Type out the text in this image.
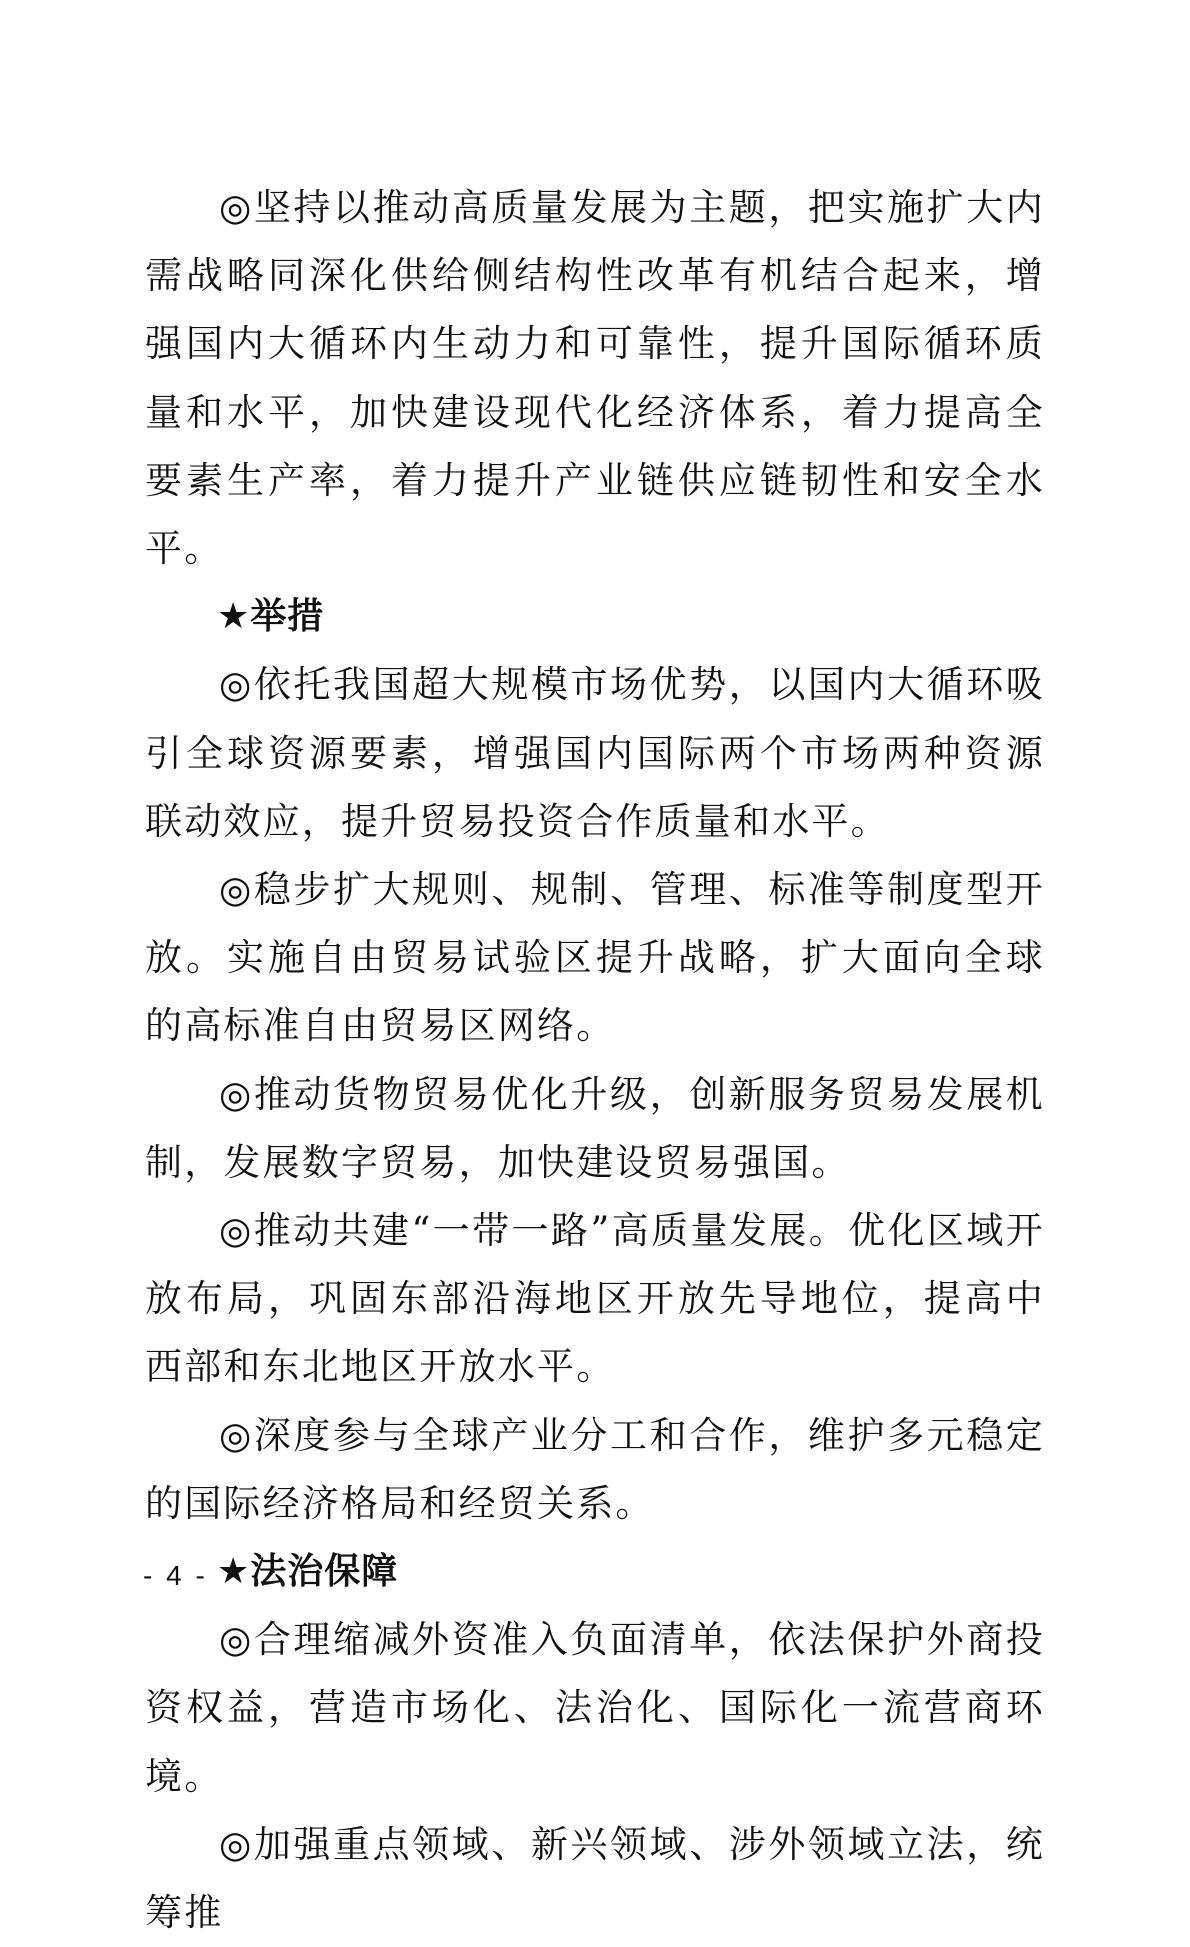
◎坚持以推动高质量发展为主题，把实施扩大内需战略同深化供给侧结构性改革有机结合起来，增强国内大循环内生动力和可靠性，提升国际循环质量和水平，加快建设现代化经济体系，着力提高全要素生产率，着力提升产业链供应链韧性和安全水平。

★举措

◎依托我国超大规模市场优势，以国内大循环吸引全球资源要素，增强国内国际两个市场两种资源联动效应，提升贸易投资合作质量和水平。

◎稳步扩大规则、规制、管理、标准等制度型开放。实施自由贸易试验区提升战略，扩大面向全球的高标准自由贸易区网络。

◎推动货物贸易优化升级，创新服务贸易发展机制，发展数字贸易，加快建设贸易强国。

◎推动共建“一带一路”高质量发展。优化区域开放布局，巩固东部沿海地区开放先导地位，提高中西部和东北地区开放水平。

◎深度参与全球产业分工和合作，维护多元稳定的国际经济格局和经贸关系。

★法治保障

◎合理缩减外资准入负面清单，依法保护外商投资权益，营造市场化、法治化、国际化一流营商环境。

◎加强重点领域、新兴领域、涉外领域立法，统筹推

- 4 -
